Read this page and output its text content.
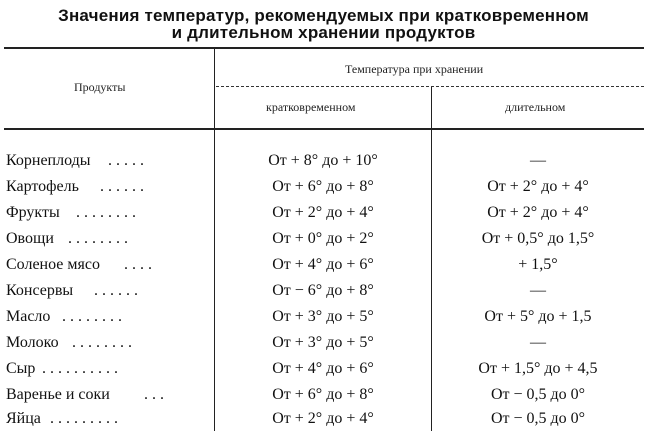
Значения температур, рекомендуемых при кратковременном
и длительном хранении продуктов
Продукты
Температура при хранении
кратковременном	длительном
Корнеплоды	. . . . .	От + 8° до + 10°	—
Картофель	. . . . . .	От + 6° до + 8°	От + 2° до + 4°
Фрукты	. . . . . . . .	От + 2° до + 4°	От + 2° до + 4°
Овощи . . . . . . . .	От + 0° до + 2°	От + 0,5° до 1,5°
Соленое мясо	. . . .	От + 4° до + 6°	+ 1,5°
Консервы	. . . . . .	От − 6° до + 8°	—
Масло . . . . . . . .	От + 3° до + 5°	От + 5° до + 1,5
Молоко . . . . . . . .	От + 3° до + 5°	—
Сыр . . . . . . . . . .	От + 4° до + 6°	От + 1,5° до + 4,5
Варенье и соки	. . .	От + 6° до + 8°	От − 0,5 до 0°
Яйца . . . . . . . . .	От + 2° до + 4°	От − 0,5 до 0°
